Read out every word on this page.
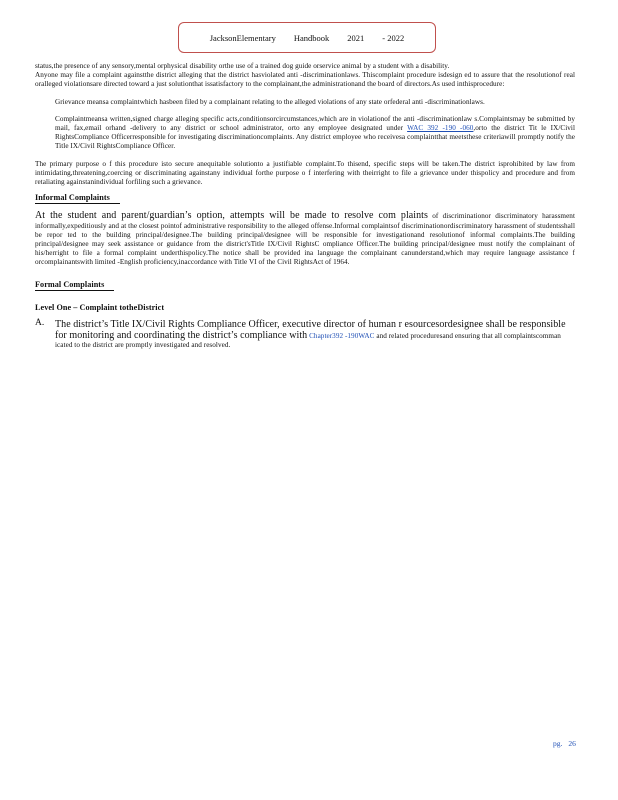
JacksonElementary Handbook 2021 - 2022

status,the presence of any sensory,mental orphysical disability orthe use of a trained dog guide orservice animal by a student with a disability.

Anyone may file a complaint againstthe district alleging that the district hasviolated anti -discriminationlaws. Thiscomplaint procedure isdesign ed to assure that the resolutionof real oralleged violationsare directed toward a just solutionthat issatisfactory to the complainant,the administrationand the board of directors.As used inthisprocedure:

Grievance meansa complaintwhich hasbeen filed by a complainant relating to the alleged violations of any state orfederal anti -discriminationlaws.
Complaintmeansa written,signed charge alleging specific acts,conditionsorcircumstances,which are in violationof the anti -discriminationlaw s.Complaintsmay be submitted by mail, fax,email orhand -delivery to any district or school administrator, orto any employee designated under WAC 392 -190 -060,orto the district Tit le IX/Civil RightsCompliance Officerresponsible for investigating discriminationcomplaints. Any district employee who receivesa complaintthat meetsthese criteriawill promptly notify the Title IX/Civil RightsCompliance Officer.

The primary purpose o f this procedure isto secure anequitable solutionto a justifiable complaint.To thisend, specific steps will be taken.The district isprohibited by law from intimidating,threatening,coercing or discriminating againstany individual forthe purpose o f interfering with theirright to file a grievance under thispolicy and procedure and from retaliating againstanindividual forfiling such a grievance.

Informal Complaints

At the student and parent/guardian’s option, attempts will be made to resolve com plaints of discriminationor discriminatory harassment informally,expeditiously and at the closest pointof administrative responsibility to the alleged offense.Informal complaintsof discriminationordiscriminatory harassment of studentsshall be repor ted to the building principal/designee.The building principal/designee will be responsible for investigationand resolutionof informal complaints.The building principal/designee may seek assistance or guidance from the district'sTitle IX/Civil RightsC ompliance Officer.The building principal/designee must notify the complainant of his/herright to file a formal complaint underthispolicy.The notice shall be provided ina language the complainant canunderstand,which may require language assistance f orcomplainantswith limited -English proficiency,inaccordance with Title VI of the Civil RightsAct of 1964.

Formal Complaints
Level One – Complaint totheDistrict
A.	The district’s Title IX/Civil Rights Compliance Officer, executive director of human r esourcesordesignee shall be responsible for monitoring and coordinating the district’s compliance with Chapter392 -190WAC and related proceduresand ensuring that all complaintscomman icated to the district are promptly investigated and resolved.
pg. 26
